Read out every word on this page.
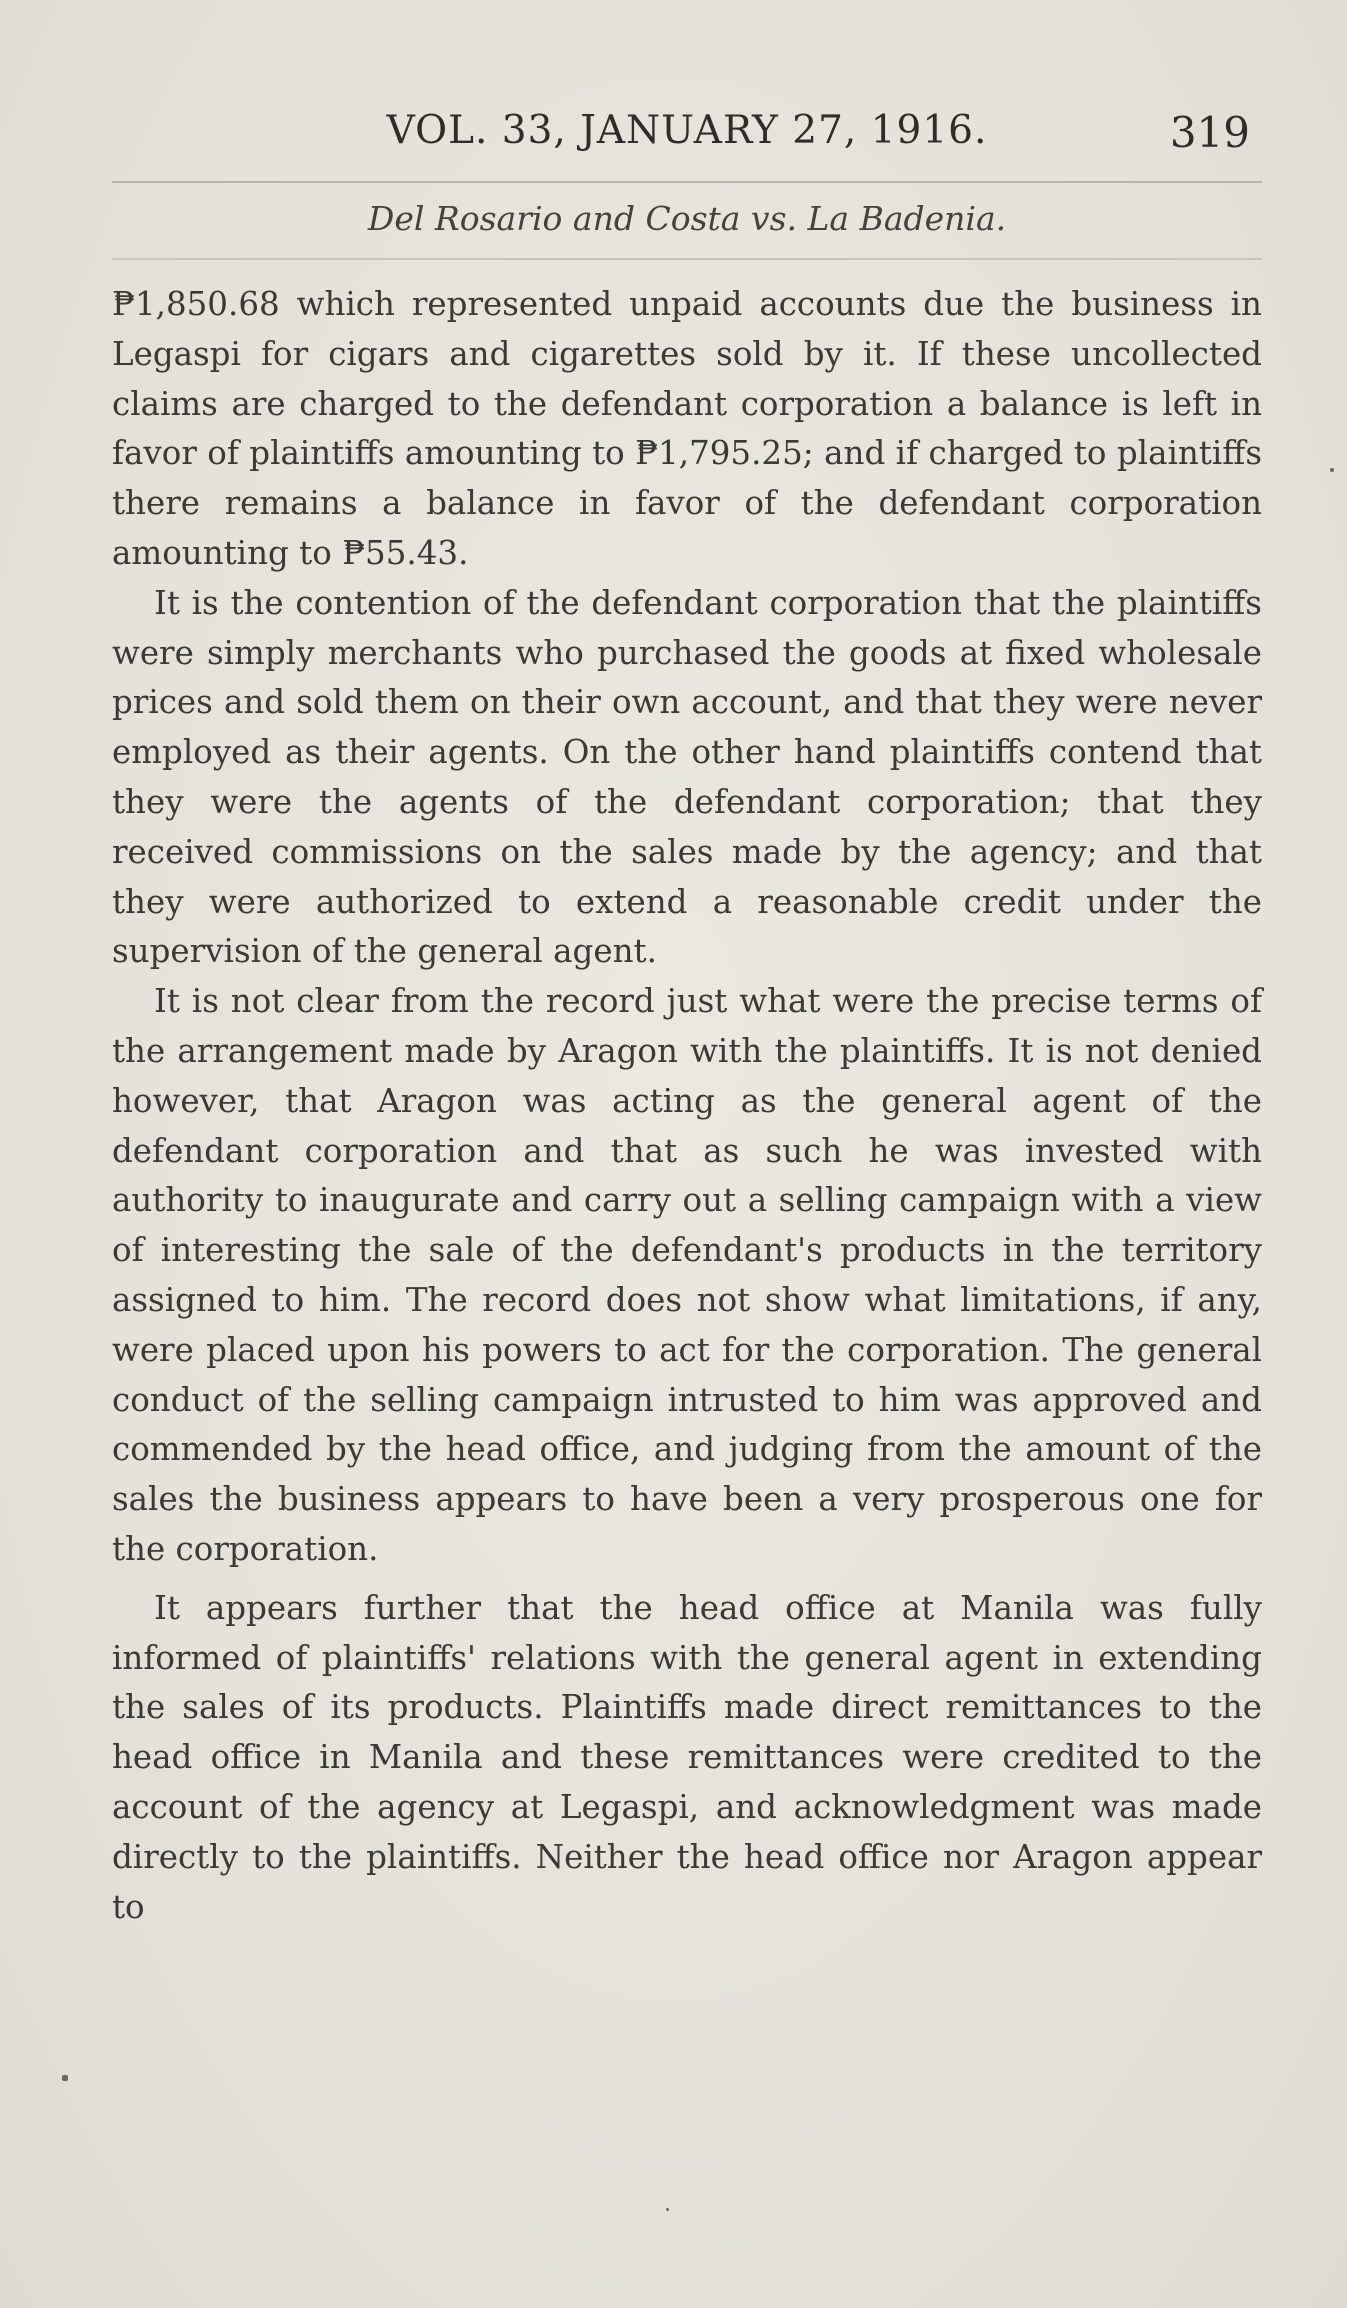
VOL. 33, JANUARY 27, 1916.	319
Del Rosario and Costa vs. La Badenia.

₱1,850.68 which represented unpaid accounts due the business in Legaspi for cigars and cigarettes sold by it. If these uncollected claims are charged to the defendant corporation a balance is left in favor of plaintiffs amounting to ₱1,795.25; and if charged to plaintiffs there remains a balance in favor of the defendant corporation amounting to ₱55.43.

It is the contention of the defendant corporation that the plaintiffs were simply merchants who purchased the goods at fixed wholesale prices and sold them on their own account, and that they were never employed as their agents. On the other hand plaintiffs contend that they were the agents of the defendant corporation; that they received commissions on the sales made by the agency; and that they were authorized to extend a reasonable credit under the supervision of the general agent.

It is not clear from the record just what were the precise terms of the arrangement made by Aragon with the plaintiffs. It is not denied however, that Aragon was acting as the general agent of the defendant corporation and that as such he was invested with authority to inaugurate and carry out a selling campaign with a view of interesting the sale of the defendant's products in the territory assigned to him. The record does not show what limitations, if any, were placed upon his powers to act for the corporation. The general conduct of the selling campaign intrusted to him was approved and commended by the head office, and judging from the amount of the sales the business appears to have been a very prosperous one for the corporation.

It appears further that the head office at Manila was fully informed of plaintiffs' relations with the general agent in extending the sales of its products. Plaintiffs made direct remittances to the head office in Manila and these remittances were credited to the account of the agency at Legaspi, and acknowledgment was made directly to the plaintiffs. Neither the head office nor Aragon appear to
